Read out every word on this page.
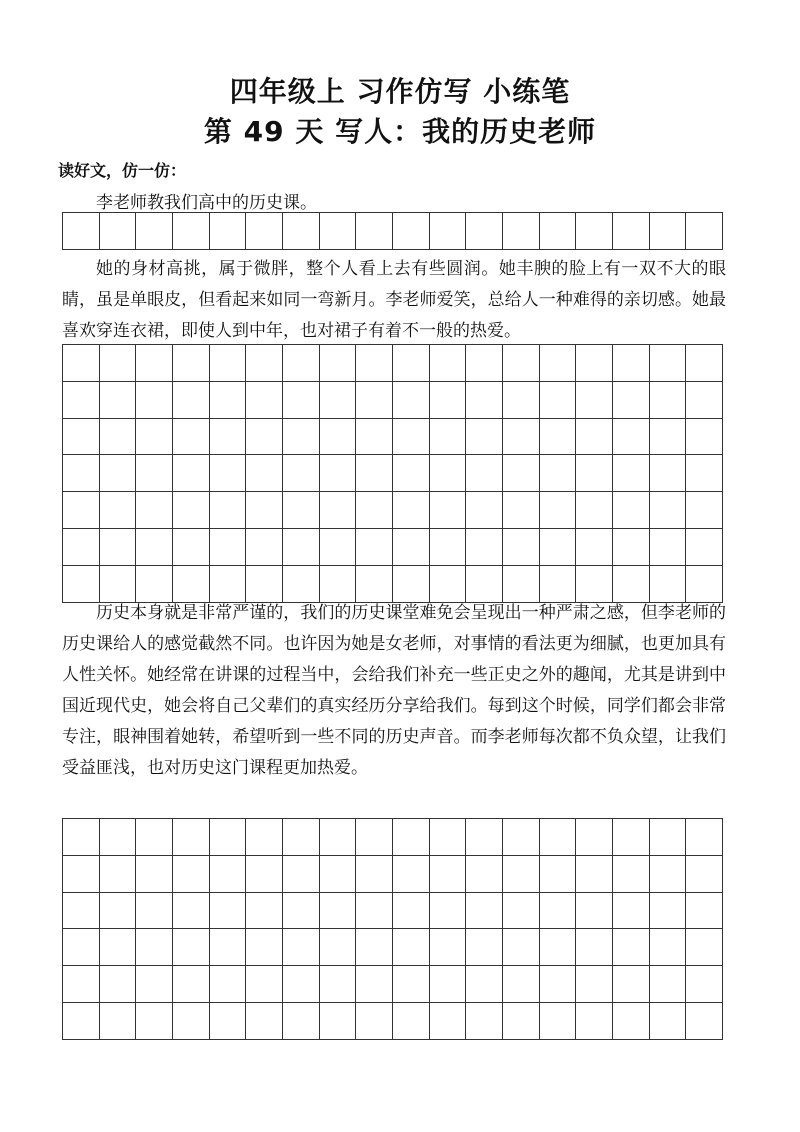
四年级上 习作仿写 小练笔
第 49 天 写人：我的历史老师

读好文，仿一仿：

李老师教我们高中的历史课。

她的身材高挑，属于微胖，整个人看上去有些圆润。她丰腴的脸上有一双不大的眼睛，虽是单眼皮，但看起来如同一弯新月。李老师爱笑，总给人一种难得的亲切感。她最喜欢穿连衣裙，即使人到中年，也对裙子有着不一般的热爱。

历史本身就是非常严谨的，我们的历史课堂难免会呈现出一种严肃之感，但李老师的历史课给人的感觉截然不同。也许因为她是女老师，对事情的看法更为细腻，也更加具有人性关怀。她经常在讲课的过程当中，会给我们补充一些正史之外的趣闻，尤其是讲到中国近现代史，她会将自己父辈们的真实经历分享给我们。每到这个时候，同学们都会非常专注，眼神围着她转，希望听到一些不同的历史声音。而李老师每次都不负众望，让我们受益匪浅，也对历史这门课程更加热爱。
